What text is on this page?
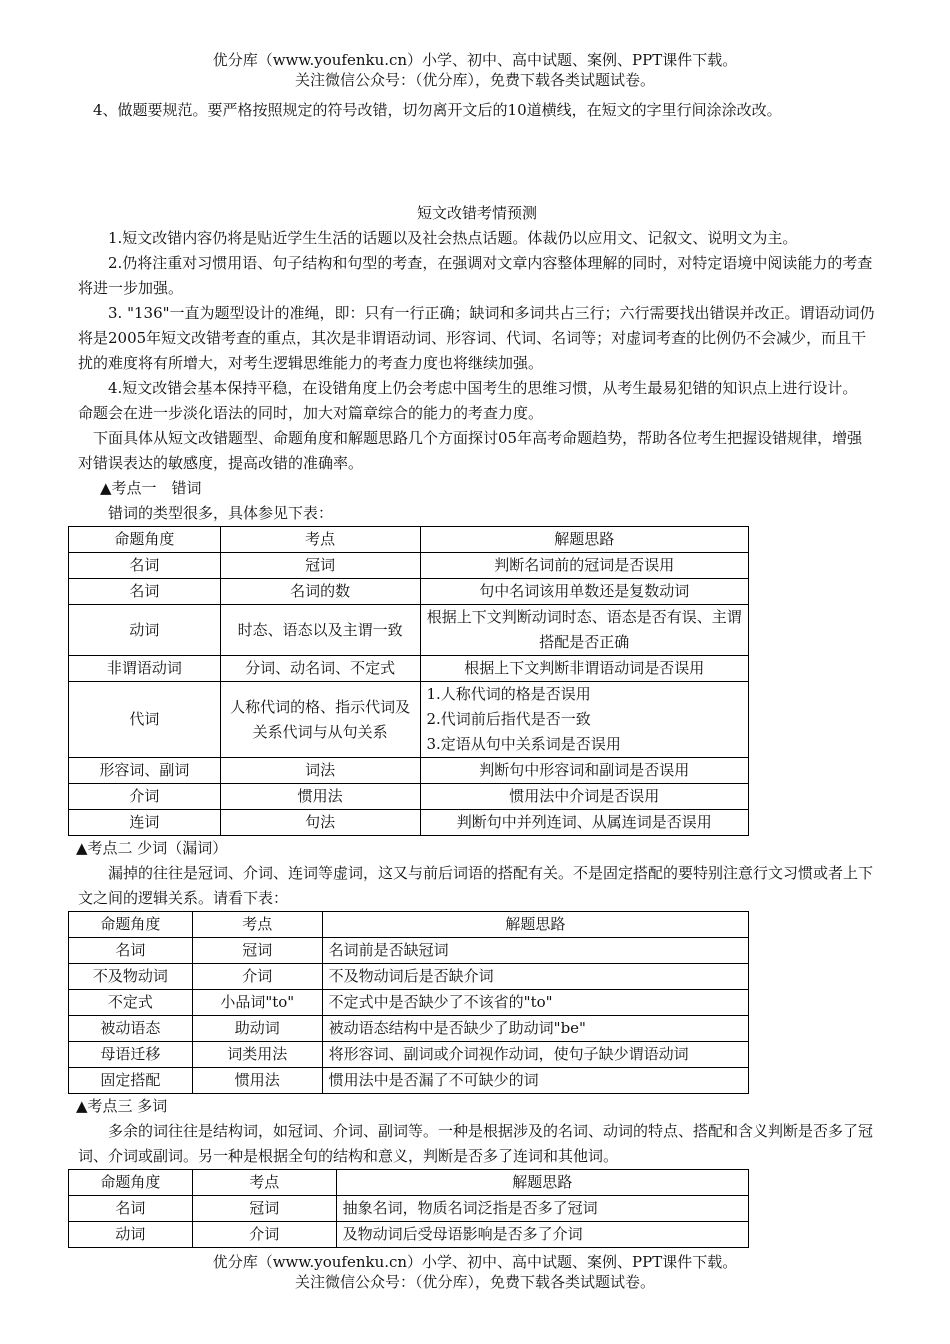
优分库（www.youfenku.cn）小学、初中、高中试题、案例、PPT课件下载。
关注微信公众号：（优分库），免费下载各类试题试卷。

4、做题要规范。要严格按照规定的符号改错，切勿离开文后的10道横线，在短文的字里行间涂涂改改。

短文改错考情预测

1.短文改错内容仍将是贴近学生生活的话题以及社会热点话题。体裁仍以应用文、记叙文、说明文为主。

2.仍将注重对习惯用语、句子结构和句型的考查，在强调对文章内容整体理解的同时，对特定语境中阅读能力的考查将进一步加强。

3. "136"一直为题型设计的准绳，即：只有一行正确；缺词和多词共占三行；六行需要找出错误并改正。谓语动词仍将是2005年短文改错考查的重点，其次是非谓语动词、形容词、代词、名词等；对虚词考查的比例仍不会减少，而且干扰的难度将有所增大，对考生逻辑思维能力的考查力度也将继续加强。

4.短文改错会基本保持平稳，在设错角度上仍会考虑中国考生的思维习惯，从考生最易犯错的知识点上进行设计。 命题会在进一步淡化语法的同时，加大对篇章综合的能力的考查力度。

下面具体从短文改错题型、命题角度和解题思路几个方面探讨05年高考命题趋势，帮助各位考生把握设错规律，增强对错误表达的敏感度，提高改错的准确率。

▲考点一　错词

错词的类型很多，具体参见下表：

命题角度	考点	解题思路
名词	冠词	判断名词前的冠词是否误用
名词	名词的数	句中名词该用单数还是复数动词
动词	时态、语态以及主谓一致	根据上下文判断动词时态、语态是否有误、主谓搭配是否正确
非谓语动词	分词、动名词、不定式	根据上下文判断非谓语动词是否误用
代词	人称代词的格、指示代词及关系代词与从句关系	1.人称代词的格是否误用
2.代词前后指代是否一致
3.定语从句中关系词是否误用

形容词、副词	词法	判断句中形容词和副词是否误用
介词	惯用法	惯用法中介词是否误用
连词	句法	判断句中并列连词、从属连词是否误用

▲考点二 少词（漏词）

漏掉的往往是冠词、介词、连词等虚词，这又与前后词语的搭配有关。不是固定搭配的要特别注意行文习惯或者上下文之间的逻辑关系。请看下表：

命题角度	考点	解题思路
名词	冠词	名词前是否缺冠词
不及物动词	介词	不及物动词后是否缺介词
不定式	小品词"to"	不定式中是否缺少了不该省的"to"
被动语态	助动词	被动语态结构中是否缺少了助动词"be"
母语迁移	词类用法	将形容词、副词或介词视作动词，使句子缺少谓语动词
固定搭配	惯用法	惯用法中是否漏了不可缺少的词

▲考点三 多词

多余的词往往是结构词，如冠词、介词、副词等。一种是根据涉及的名词、动词的特点、搭配和含义判断是否多了冠词、介词或副词。另一种是根据全句的结构和意义，判断是否多了连词和其他词。

命题角度	考点	解题思路
名词	冠词	抽象名词，物质名词泛指是否多了冠词
动词	介词	及物动词后受母语影响是否多了介词
优分库（www.youfenku.cn）小学、初中、高中试题、案例、PPT课件下载。
关注微信公众号：（优分库），免费下载各类试题试卷。
